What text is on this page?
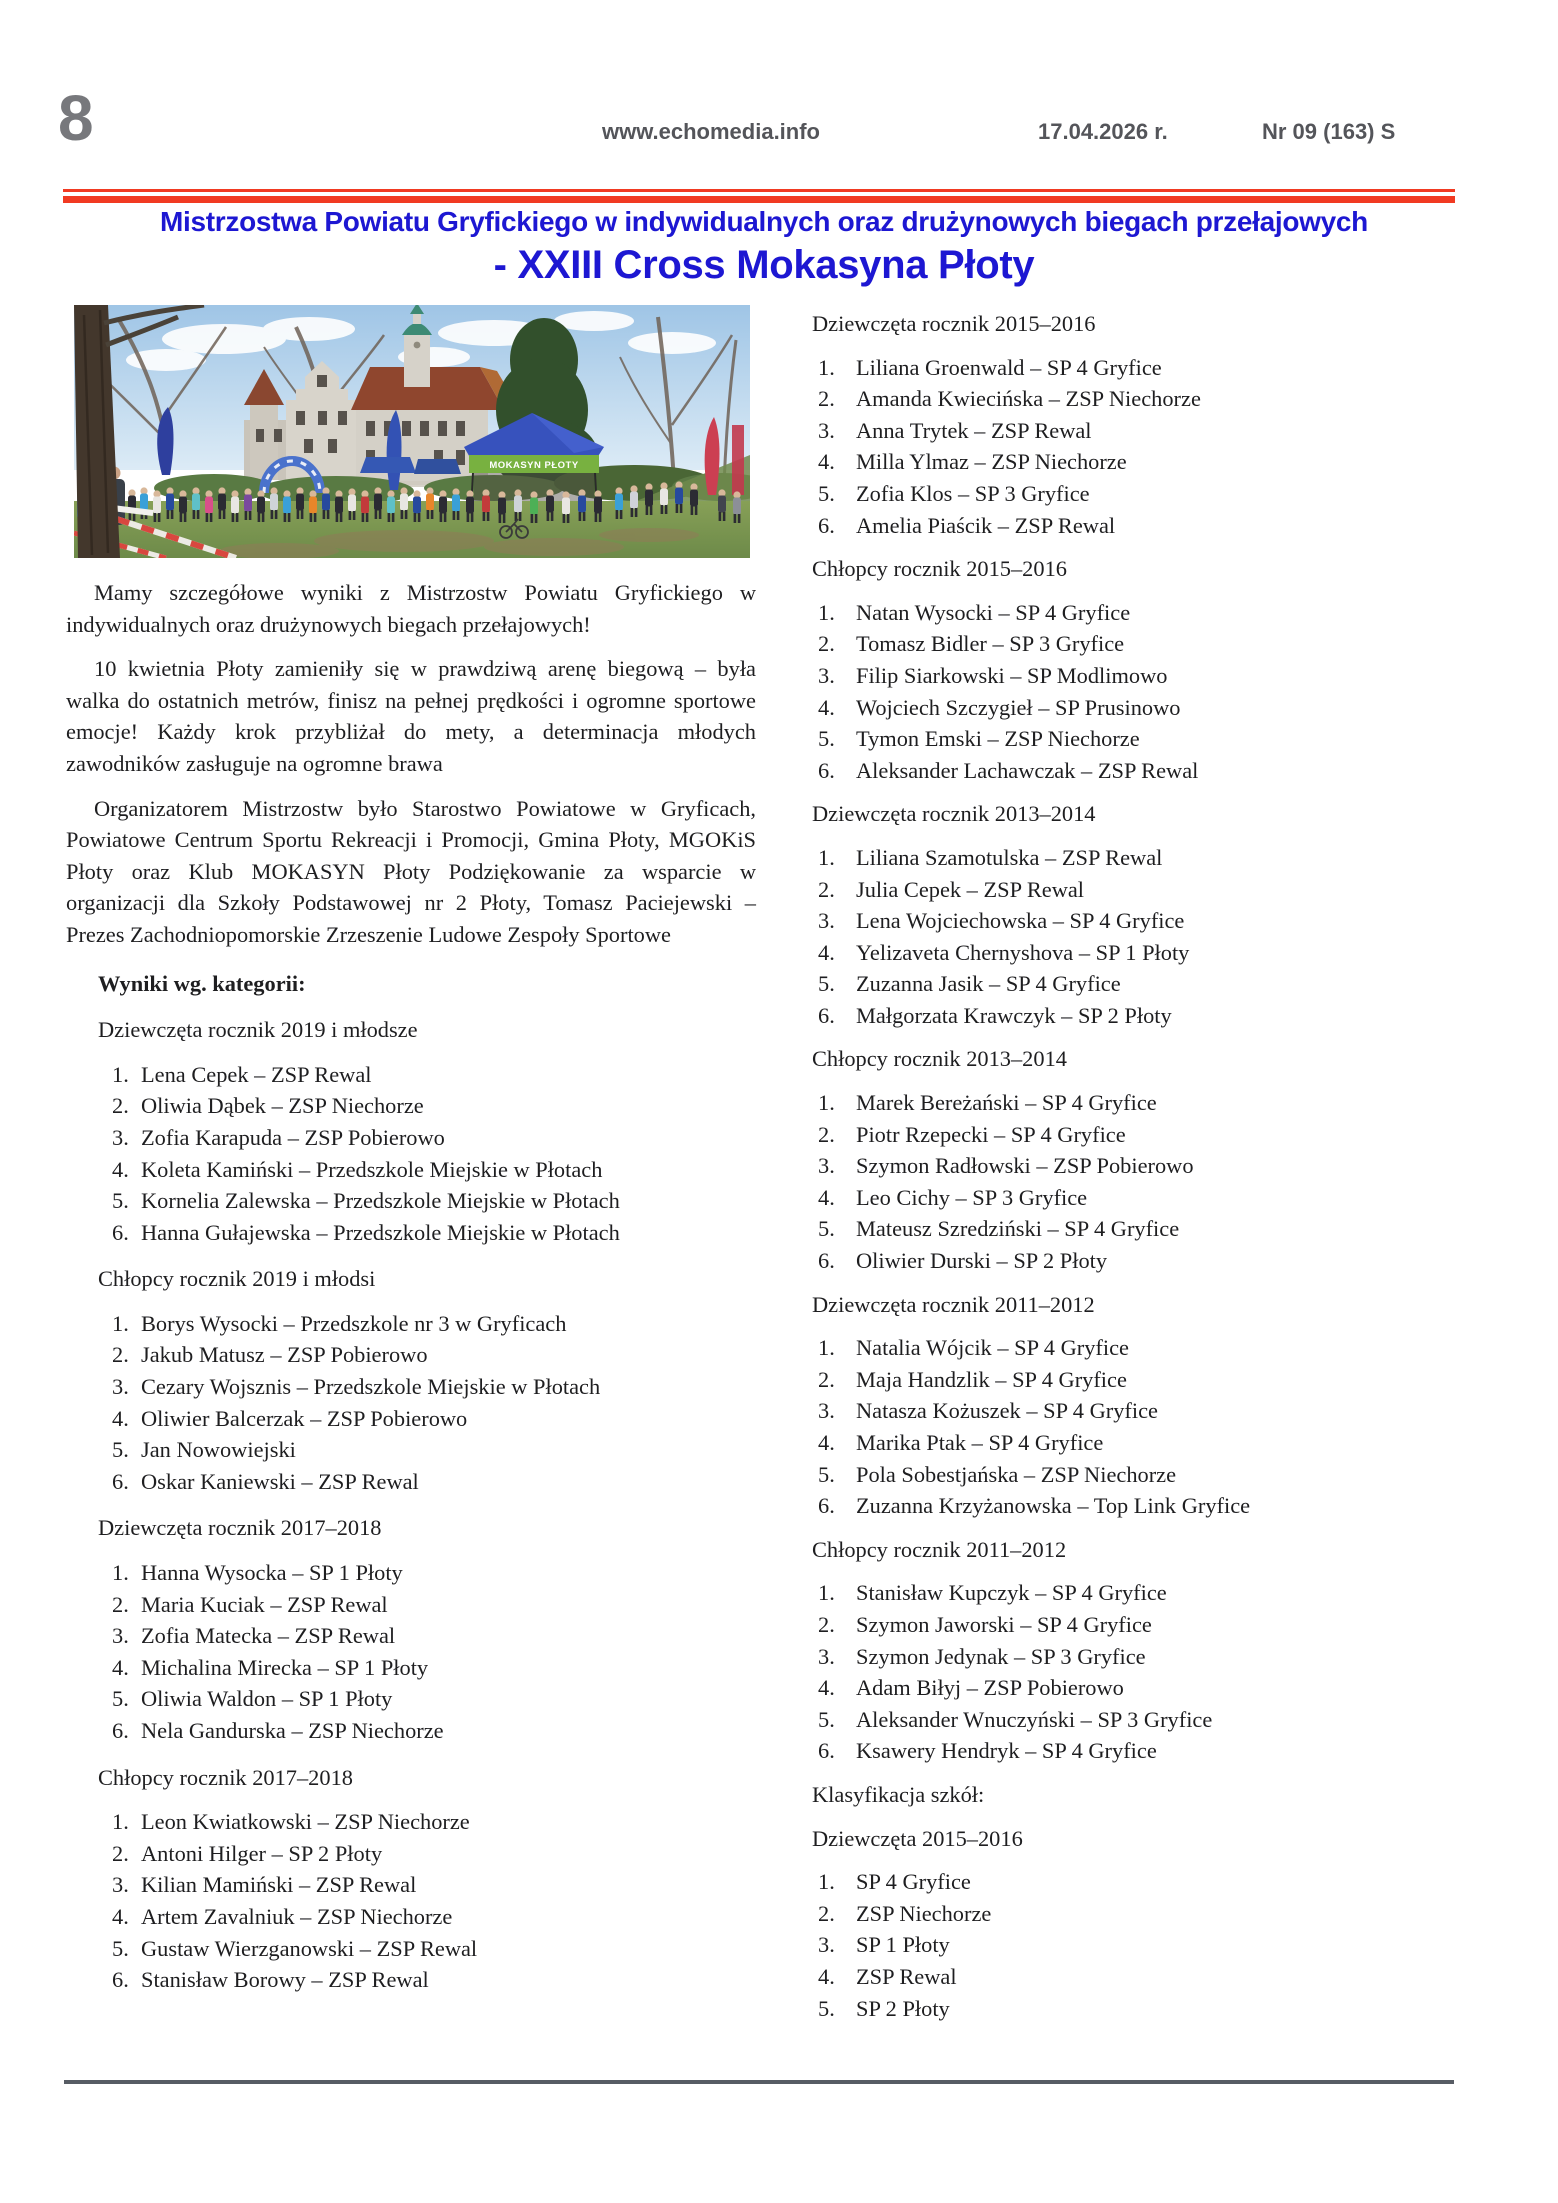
8	www.echomedia.info	17.04.2026 r.	Nr 09 (163) S
Mistrzostwa Powiatu Gryfickiego w indywidualnych oraz drużynowych biegach przełajowych
- XXIII Cross Mokasyna Płoty
MOKASYN PŁOTY

Mamy szczegółowe wyniki z Mistrzostw Powiatu Gryfickiego w indywidualnych oraz drużynowych biegach przełajowych!

10 kwietnia Płoty zamieniły się w prawdziwą arenę biegową – była walka do ostatnich metrów, finisz na pełnej prędkości i ogromne sportowe emocje! Każdy krok przybliżał do mety, a determinacja młodych zawodników zasługuje na ogromne brawa

Organizatorem Mistrzostw było Starostwo Powiatowe w Gryficach, Powiatowe Centrum Sportu Rekreacji i Promocji, Gmina Płoty, MGOKiS Płoty oraz Klub MOKASYN Płoty Podziękowanie za wsparcie w organizacji dla Szkoły Podstawowej nr 2 Płoty, Tomasz Paciejewski – Prezes Zachodniopomorskie Zrzeszenie Ludowe Zespoły Sportowe

Wyniki wg. kategorii:

Dziewczęta rocznik 2019 i młodsze
1. Lena Cepek – ZSP Rewal
2. Oliwia Dąbek – ZSP Niechorze
3. Zofia Karapuda – ZSP Pobierowo
4. Koleta Kamiński – Przedszkole Miejskie w Płotach
5. Kornelia Zalewska – Przedszkole Miejskie w Płotach
6. Hanna Gułajewska – Przedszkole Miejskie w Płotach
Chłopcy rocznik 2019 i młodsi
1. Borys Wysocki – Przedszkole nr 3 w Gryficach
2. Jakub Matusz – ZSP Pobierowo
3. Cezary Wojsznis – Przedszkole Miejskie w Płotach
4. Oliwier Balcerzak – ZSP Pobierowo
5. Jan Nowowiejski
6. Oskar Kaniewski – ZSP Rewal
Dziewczęta rocznik 2017–2018
1. Hanna Wysocka – SP 1 Płoty
2. Maria Kuciak – ZSP Rewal
3. Zofia Matecka – ZSP Rewal
4. Michalina Mirecka – SP 1 Płoty
5. Oliwia Waldon – SP 1 Płoty
6. Nela Gandurska – ZSP Niechorze
Chłopcy rocznik 2017–2018
1. Leon Kwiatkowski – ZSP Niechorze
2. Antoni Hilger – SP 2 Płoty
3. Kilian Mamiński – ZSP Rewal
4. Artem Zavalniuk – ZSP Niechorze
5. Gustaw Wierzganowski – ZSP Rewal
6. Stanisław Borowy – ZSP Rewal
Dziewczęta rocznik 2015–2016
1. Liliana Groenwald – SP 4 Gryfice
2. Amanda Kwiecińska – ZSP Niechorze
3. Anna Trytek – ZSP Rewal
4. Milla Ylmaz – ZSP Niechorze
5. Zofia Klos – SP 3 Gryfice
6. Amelia Piaścik – ZSP Rewal
Chłopcy rocznik 2015–2016
1. Natan Wysocki – SP 4 Gryfice
2. Tomasz Bidler – SP 3 Gryfice
3. Filip Siarkowski – SP Modlimowo
4. Wojciech Szczygieł – SP Prusinowo
5. Tymon Emski – ZSP Niechorze
6. Aleksander Lachawczak – ZSP Rewal
Dziewczęta rocznik 2013–2014
1. Liliana Szamotulska – ZSP Rewal
2. Julia Cepek – ZSP Rewal
3. Lena Wojciechowska – SP 4 Gryfice
4. Yelizaveta Chernyshova – SP 1 Płoty
5. Zuzanna Jasik – SP 4 Gryfice
6. Małgorzata Krawczyk – SP 2 Płoty
Chłopcy rocznik 2013–2014
1. Marek Bereżański – SP 4 Gryfice
2. Piotr Rzepecki – SP 4 Gryfice
3. Szymon Radłowski – ZSP Pobierowo
4. Leo Cichy – SP 3 Gryfice
5. Mateusz Szredziński – SP 4 Gryfice
6. Oliwier Durski – SP 2 Płoty
Dziewczęta rocznik 2011–2012
1. Natalia Wójcik – SP 4 Gryfice
2. Maja Handzlik – SP 4 Gryfice
3. Natasza Kożuszek – SP 4 Gryfice
4. Marika Ptak – SP 4 Gryfice
5. Pola Sobestjańska – ZSP Niechorze
6. Zuzanna Krzyżanowska – Top Link Gryfice
Chłopcy rocznik 2011–2012
1. Stanisław Kupczyk – SP 4 Gryfice
2. Szymon Jaworski – SP 4 Gryfice
3. Szymon Jedynak – SP 3 Gryfice
4. Adam Biłyj – ZSP Pobierowo
5. Aleksander Wnuczyński – SP 3 Gryfice
6. Ksawery Hendryk – SP 4 Gryfice
Klasyfikacja szkół:
Dziewczęta 2015–2016
1. SP 4 Gryfice
2. ZSP Niechorze
3. SP 1 Płoty
4. ZSP Rewal
5. SP 2 Płoty
